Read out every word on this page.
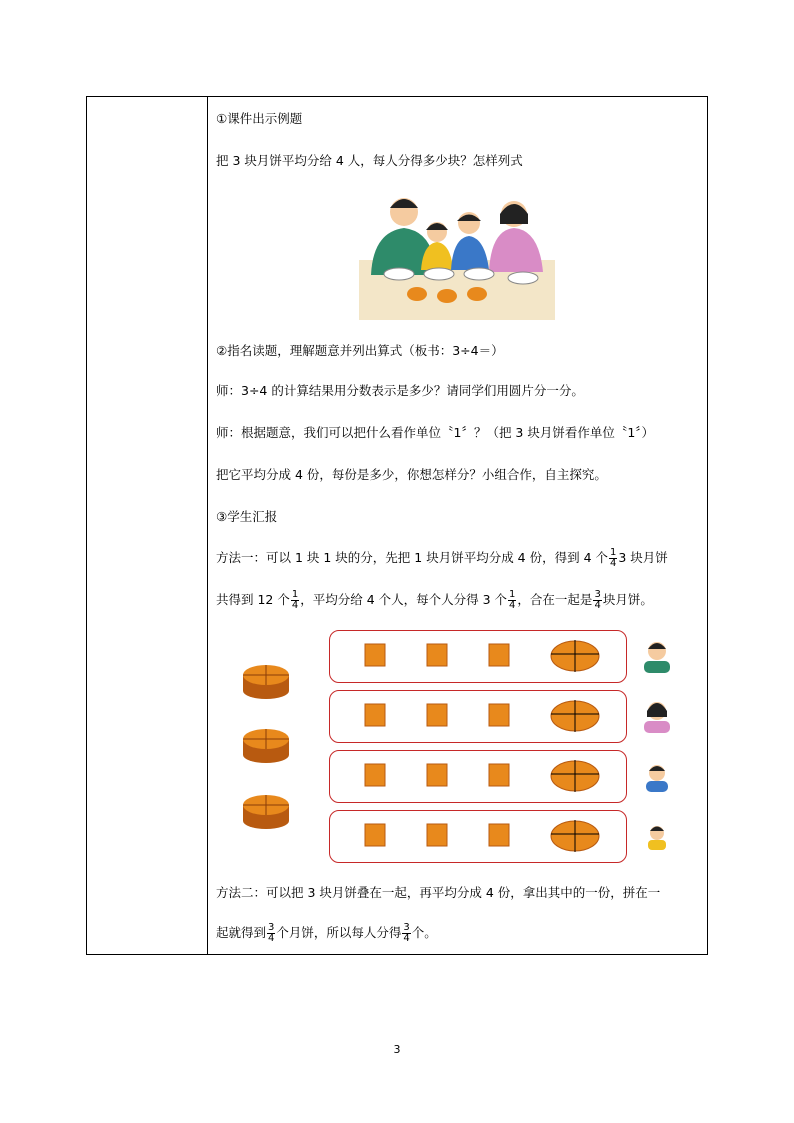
①课件出示例题
把 3 块月饼平均分给 4 人，每人分得多少块？怎样列式
②指名读题，理解题意并列出算式（板书：3÷4＝）
师：3÷4 的计算结果用分数表示是多少？请同学们用圆片分一分。
师：根据题意，我们可以把什么看作单位〝1〞？（把 3 块月饼看作单位〝1〞）
把它平均分成 4 份，每份是多少，你想怎样分？小组合作，自主探究。
③学生汇报
方法一：可以 1 块 1 块的分，先把 1 块月饼平均分成 4 份，得到 4 个 $\frac{1}{4} 3$ 块月饼
共得到 12 个 $\frac{1}{4}$ ，平均分给 4 个人，每个人分得 3 个 $\frac{1}{4}$ ，合在一起是 $\frac{3}{4}$ 块月饼。
方法二：可以把 3 块月饼叠在一起，再平均分成 4 份，拿出其中的一份，拼在一
起就得到 $\frac{3}{4}$ 个月饼，所以每人分得 $\frac{3}{4}$ 个。
3
